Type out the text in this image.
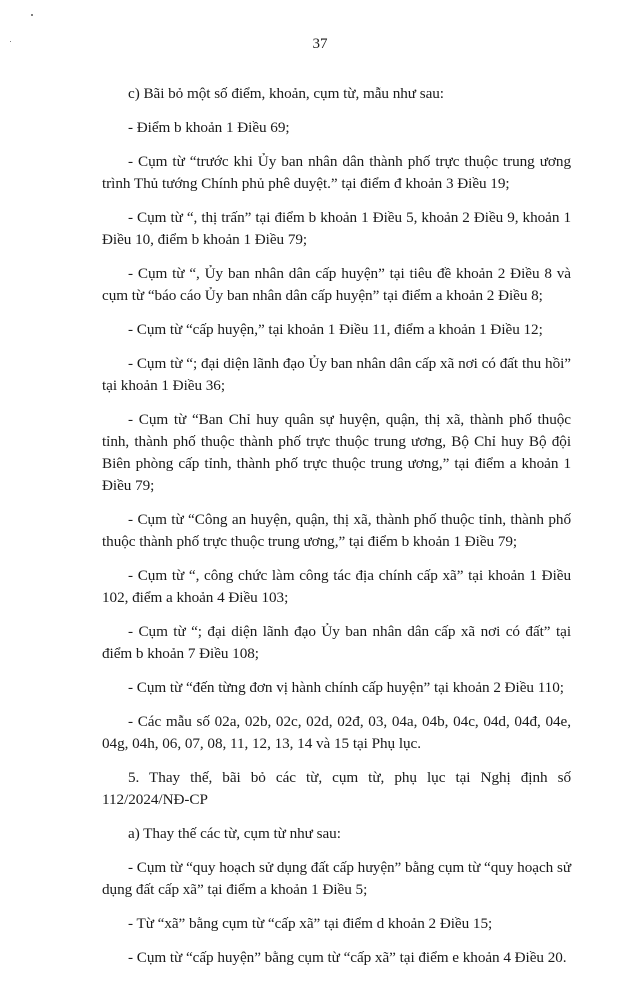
37

c) Bãi bỏ một số điểm, khoản, cụm từ, mẫu như sau:

- Điểm b khoản 1 Điều 69;

- Cụm từ “trước khi Ủy ban nhân dân thành phố trực thuộc trung ương trình Thủ tướng Chính phủ phê duyệt.” tại điểm đ khoản 3 Điều 19;

- Cụm từ “, thị trấn” tại điểm b khoản 1 Điều 5, khoản 2 Điều 9, khoản 1 Điều 10, điểm b khoản 1 Điều 79;

- Cụm từ “, Ủy ban nhân dân cấp huyện” tại tiêu đề khoản 2 Điều 8 và cụm từ “báo cáo Ủy ban nhân dân cấp huyện” tại điểm a khoản 2 Điều 8;

- Cụm từ “cấp huyện,” tại khoản 1 Điều 11, điểm a khoản 1 Điều 12;

- Cụm từ “; đại diện lãnh đạo Ủy ban nhân dân cấp xã nơi có đất thu hồi” tại khoản 1 Điều 36;

- Cụm từ “Ban Chỉ huy quân sự huyện, quận, thị xã, thành phố thuộc tỉnh, thành phố thuộc thành phố trực thuộc trung ương, Bộ Chỉ huy Bộ đội Biên phòng cấp tỉnh, thành phố trực thuộc trung ương,” tại điểm a khoản 1 Điều 79;

- Cụm từ “Công an huyện, quận, thị xã, thành phố thuộc tỉnh, thành phố thuộc thành phố trực thuộc trung ương,” tại điểm b khoản 1 Điều 79;

- Cụm từ “, công chức làm công tác địa chính cấp xã” tại khoản 1 Điều 102, điểm a khoản 4 Điều 103;

- Cụm từ “; đại diện lãnh đạo Ủy ban nhân dân cấp xã nơi có đất” tại điểm b khoản 7 Điều 108;

- Cụm từ “đến từng đơn vị hành chính cấp huyện” tại khoản 2 Điều 110;

- Các mẫu số 02a, 02b, 02c, 02d, 02đ, 03, 04a, 04b, 04c, 04d, 04đ, 04e, 04g, 04h, 06, 07, 08, 11, 12, 13, 14 và 15 tại Phụ lục.

5. Thay thế, bãi bỏ các từ, cụm từ, phụ lục tại Nghị định số 112/2024/NĐ-CP

a) Thay thế các từ, cụm từ như sau:

- Cụm từ “quy hoạch sử dụng đất cấp huyện” bằng cụm từ “quy hoạch sử dụng đất cấp xã” tại điểm a khoản 1 Điều 5;

- Từ “xã” bằng cụm từ “cấp xã” tại điểm d khoản 2 Điều 15;

- Cụm từ “cấp huyện” bằng cụm từ “cấp xã” tại điểm e khoản 4 Điều 20.
